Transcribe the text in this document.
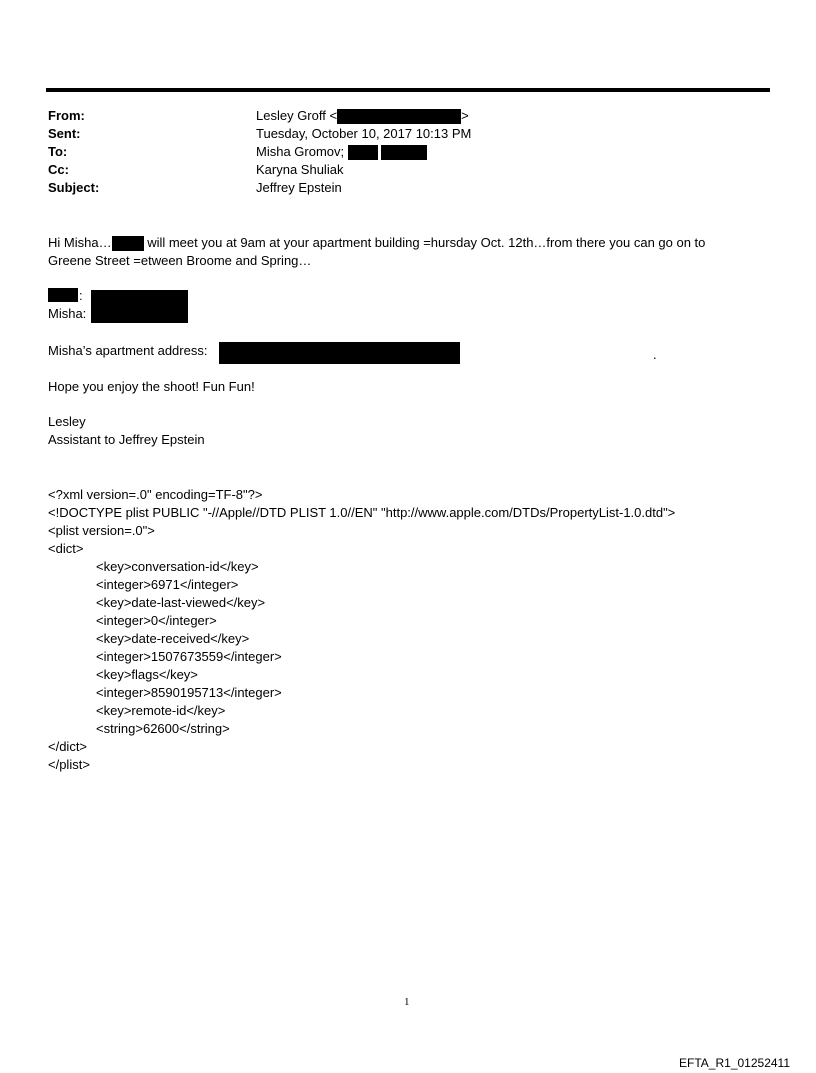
From:	Lesley Groff <	>
Sent:	Tuesday, October 10, 2017 10:13 PM
To:	Misha Gromov;
Cc:	Karyna Shuliak
Subject:	Jeffrey Epstein
Hi Misha… will meet you at 9am at your apartment building =hursday Oct. 12th…from there you can go on to
Greene Street =etween Broome and Spring…
:
Misha:
Misha’s apartment address:	.
Hope you enjoy the shoot! Fun Fun!
Lesley
Assistant to Jeffrey Epstein
<?xml version=.0" encoding=TF-8"?>
<!DOCTYPE plist PUBLIC "-//Apple//DTD PLIST 1.0//EN" "http://www.apple.com/DTDs/PropertyList-1.0.dtd">
<plist version=.0">
<dict>
<key>conversation-id</key>
<integer>6971</integer>
<key>date-last-viewed</key>
<integer>0</integer>
<key>date-received</key>
<integer>1507673559</integer>
<key>flags</key>
<integer>8590195713</integer>
<key>remote-id</key>
<string>62600</string>
</dict>
</plist>
1
EFTA_R1_01252411
